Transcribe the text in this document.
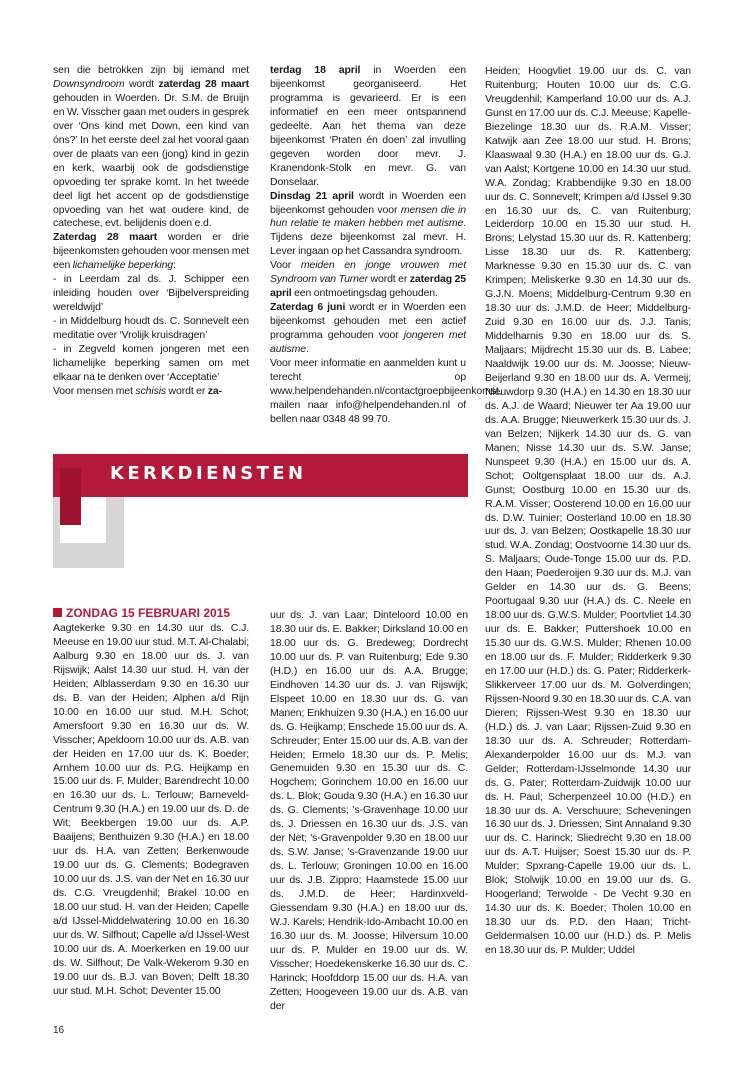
sen die betrokken zijn bij iemand met Downsyndroom wordt zaterdag 28 maart gehouden in Woerden. Dr. S.M. de Bruijn en W. Visscher gaan met ouders in gesprek over ‘Ons kind met Down, een kind van óns?’ In het eerste deel zal het vooral gaan over de plaats van een (jong) kind in gezin en kerk, waarbij ook de godsdienstige opvoeding ter sprake komt. In het tweede deel ligt het accent op de godsdienstige opvoeding van het wat oudere kind, de catechese, evt. belijdenis doen e.d.

Zaterdag 28 maart worden er drie bijeenkomsten gehouden voor mensen met een lichamelijke beperking:

- in Leerdam zal ds. J. Schipper een inleiding houden over ‘Bijbelverspreiding wereldwijd’

- in Middelburg houdt ds. C. Sonnevelt een meditatie over ‘Vrolijk kruisdragen’

- in Zegveld komen jongeren met een lichamelijke beperking samen om met elkaar na te denken over ‘Acceptatie’

Voor mensen met schisis wordt er za-

terdag 18 april in Woerden een bijeenkomst georganiseerd. Het programma is gevarieerd. Er is een informatief en een meer ontspannend gedeelte. Aan het thema van deze bijeenkomst ‘Praten én doen’ zal invulling gegeven worden door mevr. J. Kranendonk-Stolk en mevr. G. van Donselaar.

Dinsdag 21 april wordt in Woerden een bijeenkomst gehouden voor mensen die in hun relatie te maken hebben met autisme. Tijdens deze bijeenkomst zal mevr. H. Lever ingaan op het Cassandra syndroom.

Voor meiden en jonge vrouwen met Syndroom van Turner wordt er zaterdag 25 april een ontmoetingsdag gehouden.

Zaterdag 6 juni wordt er in Woerden een bijeenkomst gehouden met een actief programma gehouden voor jongeren met autisme.

Voor meer informatie en aanmelden kunt u terecht op www.helpendehanden.nl/contactgroepbijeenkomst, mailen naar info@helpendehanden.nl of bellen naar 0348 48 99 70.

Heiden; Hoogvliet 19.00 uur ds. C. van Ruitenburg; Houten 10.00 uur ds. C.G. Vreugdenhil; Kamperland 10.00 uur ds. A.J. Gunst en 17.00 uur ds. C.J. Meeuse; Kapelle-Biezelinge 18.30 uur ds. R.A.M. Visser; Katwijk aan Zee 18.00 uur stud. H. Brons; Klaaswaal 9.30 (H.A.) en 18.00 uur ds. G.J. van Aalst; Kortgene 10.00 en 14.30 uur stud. W.A. Zondag; Krabbendijke 9.30 en 18.00 uur ds. C. Sonnevelt; Krimpen a/d IJssel 9.30 en 16.30 uur ds. C. van Ruitenburg; Leiderdorp 10.00 en 15.30 uur stud. H. Brons; Lelystad 15.30 uur ds. R. Kattenberg; Lisse 18.30 uur ds. R. Kattenberg; Marknesse 9.30 en 15.30 uur ds. C. van Krimpen; Meliskerke 9.30 en 14.30 uur ds. G.J.N. Moens; Middelburg-Centrum 9.30 en 18.30 uur ds. J.M.D. de Heer; Middelburg-Zuid 9.30 en 16.00 uur ds. J.J. Tanis; Middelharnis 9.30 en 18.00 uur ds. S. Maljaars; Mijdrecht 15.30 uur ds. B. Labee; Naaldwijk 19.00 uur ds. M. Joosse; Nieuw-Beijerland 9.30 en 18.00 uur ds. A. Vermeij; Nieuwdorp 9.30 (H.A.) en 14.30 en 18.30 uur ds. A.J. de Waard; Nieuwer ter Aa 19.00 uur ds. A.A. Brugge; Nieuwerkerk 15.30 uur ds. J. van Belzen; Nijkerk 14.30 uur ds. G. van Manen; Nisse 14.30 uur ds. S.W. Janse; Nunspeet 9.30 (H.A.) en 15.00 uur ds. A. Schot; Ooltgensplaat 18.00 uur ds. A.J. Gunst; Oostburg 10.00 en 15.30 uur ds. R.A.M. Visser; Oosterend 10.00 en 16.00 uur ds. D.W. Tuinier; Oosterland 10.00 en 18.30 uur ds. J. van Belzen; Oostkapelle 18.30 uur stud. W.A. Zondag; Oostvoorne 14.30 uur ds. S. Maljaars; Oude-Tonge 15.00 uur ds. P.D. den Haan; Poederoijen 9.30 uur ds. M.J. van Gelder en 14.30 uur ds. G. Beens; Poortugaal 9.30 uur (H.A.) ds. C. Neele en 18.00 uur ds. G.W.S. Mulder; Poortvliet 14.30 uur ds. E. Bakker; Puttershoek 10.00 en 15.30 uur ds. G.W.S. Mulder; Rhenen 10.00 en 18.00 uur ds. F. Mulder; Ridderkerk 9.30 en 17.00 uur (H.D.) ds. G. Pater; Ridderkerk-Slikkerveer 17.00 uur ds. M. Golverdingen; Rijssen-Noord 9.30 en 18.30 uur ds. C.A. van Dieren; Rijssen-West 9.30 en 18.30 uur (H.D.) ds. J. van Laar; Rijssen-Zuid 9.30 en 18.30 uur ds. A. Schreuder; Rotterdam-Alexanderpolder 16.00 uur ds. M.J. van Gelder; Rotterdam-IJsselmonde 14.30 uur ds. G. Pater; Rotterdam-Zuidwijk 10.00 uur ds. H. Paul; Scherpenzeel 10.00 (H.D.) en 18.30 uur ds. A. Verschuure; Scheveningen 16.30 uur ds. J. Driessen; Sint Annaland 9.30 uur ds. C. Harinck; Sliedrecht 9.30 en 18.00 uur ds. A.T. Huijser; Soest 15.30 uur ds. P. Mulder; Spxrang-Capelle 19.00 uur ds. L. Blok; Stolwijk 10.00 en 19.00 uur ds. G. Hoogerland; Terwolde - De Vecht 9.30 en 14.30 uur ds. K. Boeder; Tholen 10.00 en 18.30 uur ds. P.D. den Haan; Tricht-Geldermalsen 10.00 uur (H.D.) ds. P. Melis en 18.30 uur ds. P. Mulder; Uddel

KERKDIENSTEN
ZONDAG 15 FEBRUARI 2015

Aagtekerke 9.30 en 14.30 uur ds. C.J. Meeuse en 19.00 uur stud. M.T. Al-Chalabi; Aalburg 9.30 en 18.00 uur ds. J. van Rijswijk; Aalst 14.30 uur stud. H. van der Heiden; Alblasserdam 9.30 en 16.30 uur ds. B. van der Heiden; Alphen a/d Rijn 10.00 en 16.00 uur stud. M.H. Schot; Amersfoort 9.30 en 16.30 uur ds. W. Visscher; Apeldoorn 10.00 uur ds. A.B. van der Heiden en 17.00 uur ds. K. Boeder; Arnhem 10.00 uur ds. P.G. Heijkamp en 15.00 uur ds. F. Mulder; Barendrecht 10.00 en 16.30 uur ds. L. Terlouw; Barneveld-Centrum 9.30 (H.A.) en 19.00 uur ds. D. de Wit; Beekbergen 19.00 uur ds. A.P. Baaijens; Benthuizen 9.30 (H.A.) en 18.00 uur ds. H.A. van Zetten; Berkenwoude 19.00 uur ds. G. Clements; Bodegraven 10.00 uur ds. J.S. van der Net en 16.30 uur ds. C.G. Vreugdenhil; Brakel 10.00 en 18.00 uur stud. H. van der Heiden; Capelle a/d IJssel-Middelwatering 10.00 en 16.30 uur ds. W. Silfhout; Capelle a/d IJssel-West 10.00 uur ds. A. Moerkerken en 19.00 uur ds. W. Silfhout; De Valk-Wekerom 9.30 en 19.00 uur ds. B.J. van Boven; Delft 18.30 uur stud. M.H. Schot; Deventer 15.00

uur ds. J. van Laar; Dinteloord 10.00 en 18.30 uur ds. E. Bakker; Dirksland 10.00 en 18.00 uur ds. G. Bredeweg; Dordrecht 10.00 uur ds. P. van Ruitenburg; Ede 9.30 (H.D.) en 16.00 uur ds. A.A. Brugge; Eindhoven 14.30 uur ds. J. van Rijswijk; Elspeet 10.00 en 18.30 uur ds. G. van Manen; Enkhuizen 9.30 (H.A.) en 16.00 uur ds. G. Heijkamp; Enschede 15.00 uur ds. A. Schreuder; Enter 15.00 uur ds. A.B. van der Heiden; Ermelo 18.30 uur ds. P. Melis; Genemuiden 9.30 en 15.30 uur ds. C. Hogchem; Gorinchem 10.00 en 16.00 uur ds. L. Blok; Gouda 9.30 (H.A.) en 16.30 uur ds. G. Clements; 's-Gravenhage 10.00 uur ds. J. Driessen en 16.30 uur ds. J.S. van der Net; 's-Gravenpolder 9.30 en 18.00 uur ds. S.W. Janse; 's-Gravenzande 19.00 uur ds. L. Terlouw; Groningen 10.00 en 16.00 uur ds. J.B. Zippro; Haamstede 15.00 uur ds. J.M.D. de Heer; Hardinxveld-Giessendam 9.30 (H.A.) en 18.00 uur ds. W.J. Karels; Hendrik-Ido-Ambacht 10.00 en 16.30 uur ds. M. Joosse; Hilversum 10.00 uur ds. P. Mulder en 19.00 uur ds. W. Visscher; Hoedekenskerke 16.30 uur ds. C. Harinck; Hoofddorp 15.00 uur ds. H.A. van Zetten; Hoogeveen 19.00 uur ds. A.B. van der

16
